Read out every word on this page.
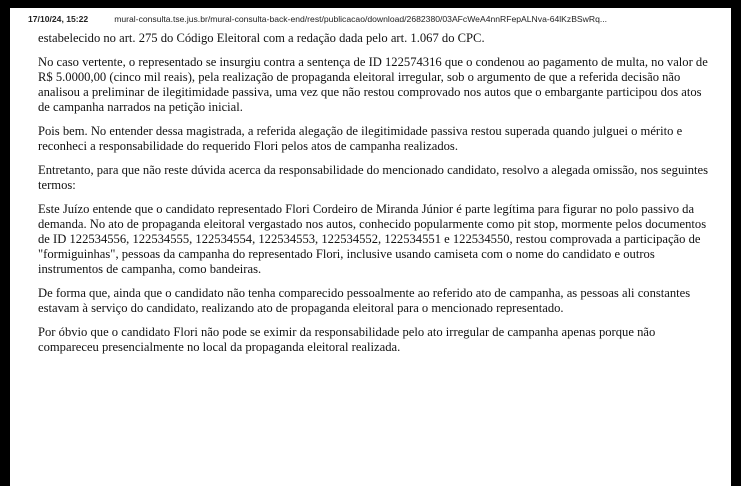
17/10/24, 15:22	mural-consulta.tse.jus.br/mural-consulta-back-end/rest/publicacao/download/2682380/03AFcWeA4nnRFepALNva-64lKzBSwRq...

estabelecido no art. 275 do Código Eleitoral com a redação dada pelo art. 1.067 do CPC.

No caso vertente, o representado se insurgiu contra a sentença de ID 122574316 que o condenou ao pagamento de multa, no valor de R$ 5.0000,00 (cinco mil reais), pela realização de propaganda eleitoral irregular, sob o argumento de que a referida decisão não analisou a preliminar de ilegitimidade passiva, uma vez que não restou comprovado nos autos que o embargante participou dos atos de campanha narrados na petição inicial.

Pois bem. No entender dessa magistrada, a referida alegação de ilegitimidade passiva restou superada quando julguei o mérito e reconheci a responsabilidade do requerido Flori pelos atos de campanha realizados.

Entretanto, para que não reste dúvida acerca da responsabilidade do mencionado candidato, resolvo a alegada omissão, nos seguintes termos:

Este Juízo entende que o candidato representado Flori Cordeiro de Miranda Júnior é parte legítima para figurar no polo passivo da demanda. No ato de propaganda eleitoral vergastado nos autos, conhecido popularmente como pit stop, mormente pelos documentos de ID 122534556, 122534555, 122534554, 122534553, 122534552, 122534551 e 122534550, restou comprovada a participação de "formiguinhas", pessoas da campanha do representado Flori, inclusive usando camiseta com o nome do candidato e outros instrumentos de campanha, como bandeiras.

De forma que, ainda que o candidato não tenha comparecido pessoalmente ao referido ato de campanha, as pessoas ali constantes estavam à serviço do candidato, realizando ato de propaganda eleitoral para o mencionado representado.

Por óbvio que o candidato Flori não pode se eximir da responsabilidade pelo ato irregular de campanha apenas porque não compareceu presencialmente no local da propaganda eleitoral realizada.
